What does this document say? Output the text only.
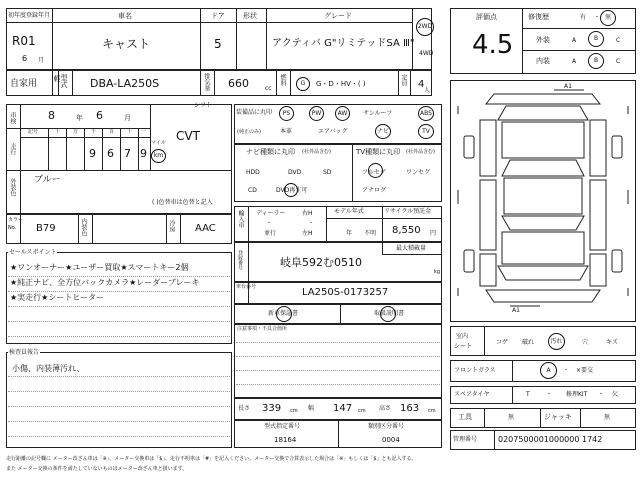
初年度登録年月
R01
6 月
車名
キャスト
ドア
5
形状	グレード
アクティバ G"リミテッドSA Ⅲ"
2WD
4WD
自家用
軽 型式 DBA-LA250S	排気量 660	cc
燃料 G G・D・HV・( )	定員 4
人
車検	8	年 6	月
シフト
CVT
走行
記号	十	万	千	百	十 一
9 6 7 9
マイル
km
外装色 ブルー
( )色替車は色替と記入
カラー
No. B79	内装色	冷房 AAC
セールスポイント
★ワンオーナー★ユーザー買取★スマートキー2個
★純正ナビ、全方位バックカメラ★レーダーブレーキ
★実走行★シートヒーター
検査員報告
小傷、内装薄汚れ、
走行距離の記号欄に メーター改ざん車は「※」、メーター交換車は「$」、走行不明車は「#」を記入ください。メーター交換で合算表示した場合は「※」もしくは「$」とも記入する。
また メーター交換の条件を満たしていないものはメーター改ざん車と扱います。
装備品に丸印
(純正のみ)
PS	PW	AW	サンルーフ	ABS
本革	エアバッグ	ナビ	TV
ナビ種類に丸印 (社外品含む)
HDD	DVD	SD
CD	DVD再生可
TV種類に丸印 (社外品含む)
フルセグ	ワンセグ
アナログ
輸入車 ディーラー
・
並行
右H
・
左H
モデル年式
年 不明
リサイクル預託金
8,550 円
登録番号
最大積載量
岐阜592む0510
kg
車台番号	LA250S-0173257
新車保証書	取扱説明書
注意事項・不具合箇所
長さ 339 cm 幅 147 cm 高さ 163 cm
型式指定番号
18164
類別区分番号
0004
評価点
4.5
修復歴	有 ・ 無
外装	A	B	C
内装	A	B	C
A1
A1
室内
シート
コゲ 破れ	汚れ	穴	キズ
フロントガラス	A ・ ×要交
スペアタイヤ	T	・ 修理KIT ・ 欠
工具	無	ジャッキ	無
管理番号	0207500001000000 1742
